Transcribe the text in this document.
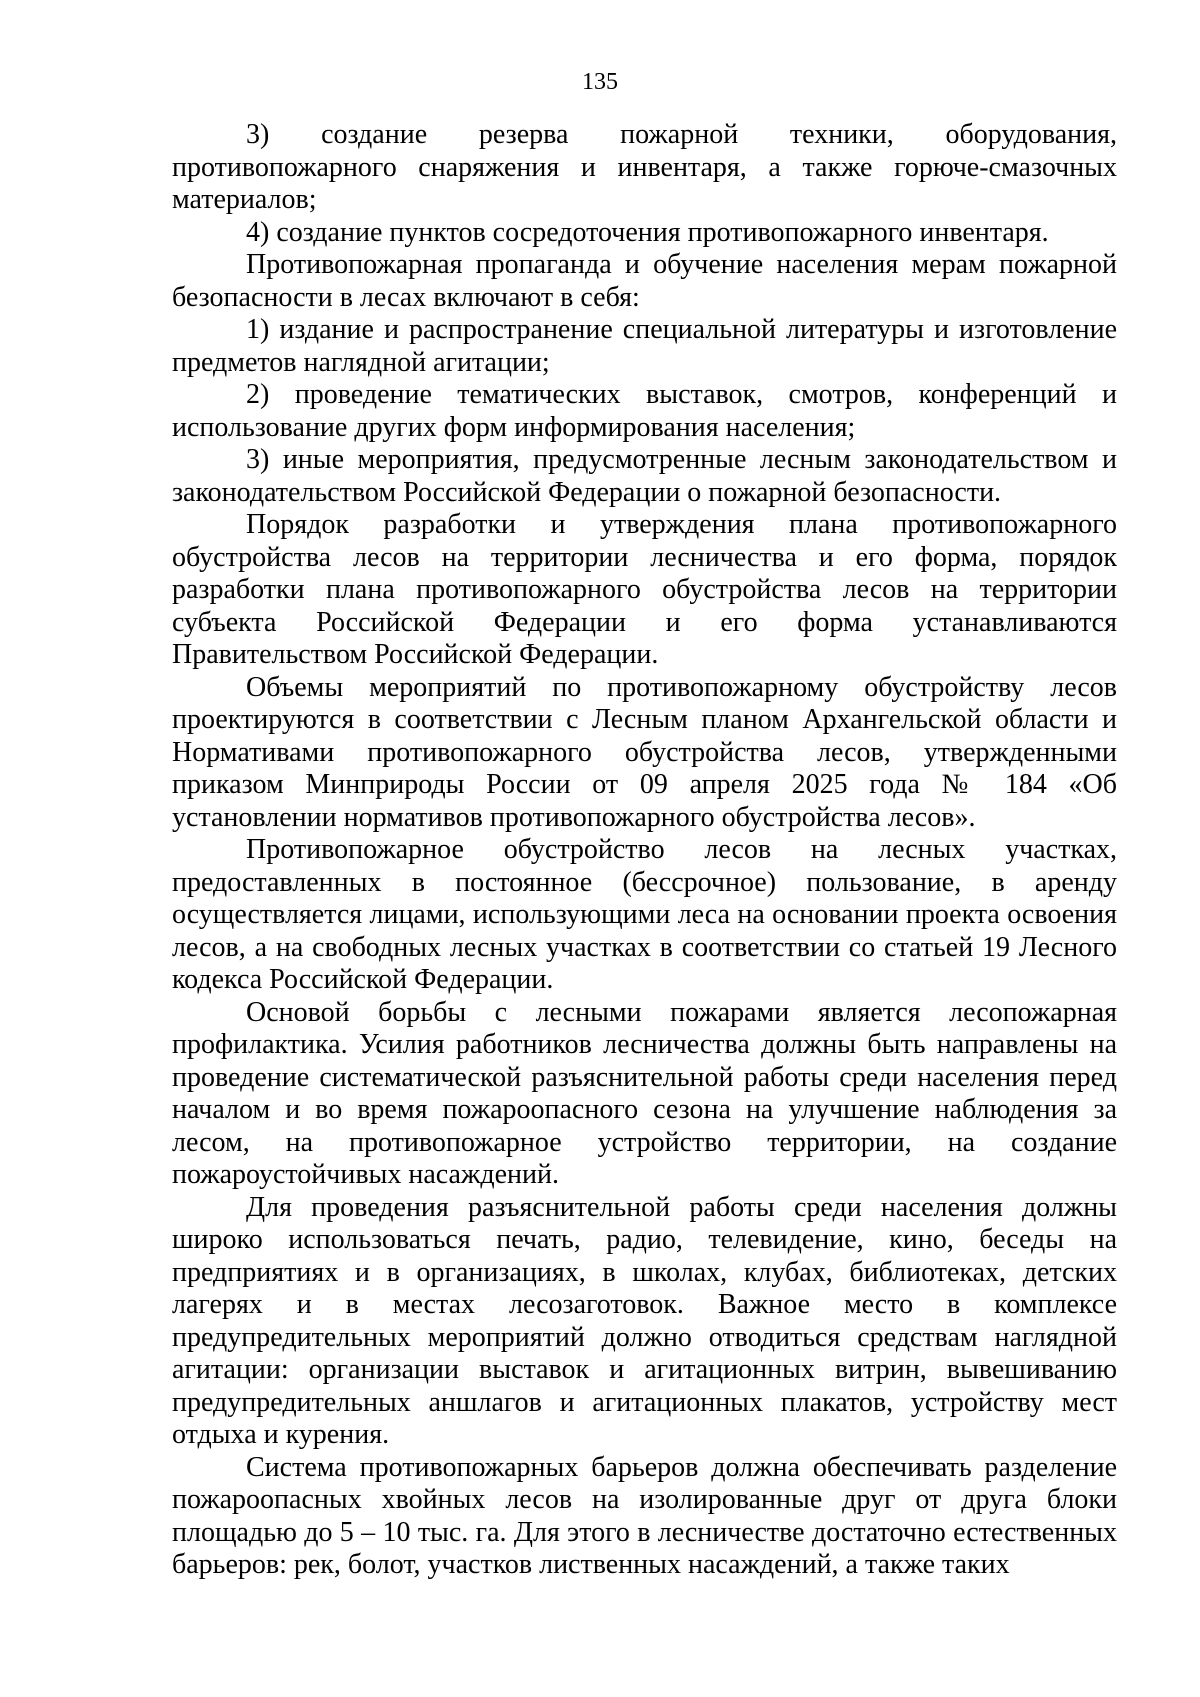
135

3) создание резерва пожарной техники, оборудования, противопожарного снаряжения и инвентаря, а также горюче-смазочных материалов;

4) создание пунктов сосредоточения противопожарного инвентаря.

Противопожарная пропаганда и обучение населения мерам пожарной безопасности в лесах включают в себя:

1) издание и распространение специальной литературы и изготовление предметов наглядной агитации;

2) проведение тематических выставок, смотров, конференций и использование других форм информирования населения;

3) иные мероприятия, предусмотренные лесным законодательством и законодательством Российской Федерации о пожарной безопасности.

Порядок разработки и утверждения плана противопожарного обустройства лесов на территории лесничества и его форма, порядок разработки плана противопожарного обустройства лесов на территории субъекта Российской Федерации и его форма устанавливаются Правительством Российской Федерации.

Объемы мероприятий по противопожарному обустройству лесов проектируются в соответствии с Лесным планом Архангельской области и Нормативами противопожарного обустройства лесов, утвержденными приказом Минприроды России от 09 апреля 2025 года № 184 «Об установлении нормативов противопожарного обустройства лесов».

Противопожарное обустройство лесов на лесных участках, предоставленных в постоянное (бессрочное) пользование, в аренду осуществляется лицами, использующими леса на основании проекта освоения лесов, а на свободных лесных участках в соответствии со статьей 19 Лесного кодекса Российской Федерации.

Основой борьбы с лесными пожарами является лесопожарная профилактика. Усилия работников лесничества должны быть направлены на проведение систематической разъяснительной работы среди населения перед началом и во время пожароопасного сезона на улучшение наблюдения за лесом, на противопожарное устройство территории, на создание пожароустойчивых насаждений.

Для проведения разъяснительной работы среди населения должны широко использоваться печать, радио, телевидение, кино, беседы на предприятиях и в организациях, в школах, клубах, библиотеках, детских лагерях и в местах лесозаготовок. Важное место в комплексе предупредительных мероприятий должно отводиться средствам наглядной агитации: организации выставок и агитационных витрин, вывешиванию предупредительных аншлагов и агитационных плакатов, устройству мест отдыха и курения.

Система противопожарных барьеров должна обеспечивать разделение пожароопасных хвойных лесов на изолированные друг от друга блоки площадью до 5 – 10 тыс. га. Для этого в лесничестве достаточно естественных барьеров: рек, болот, участков лиственных насаждений, а также таких
